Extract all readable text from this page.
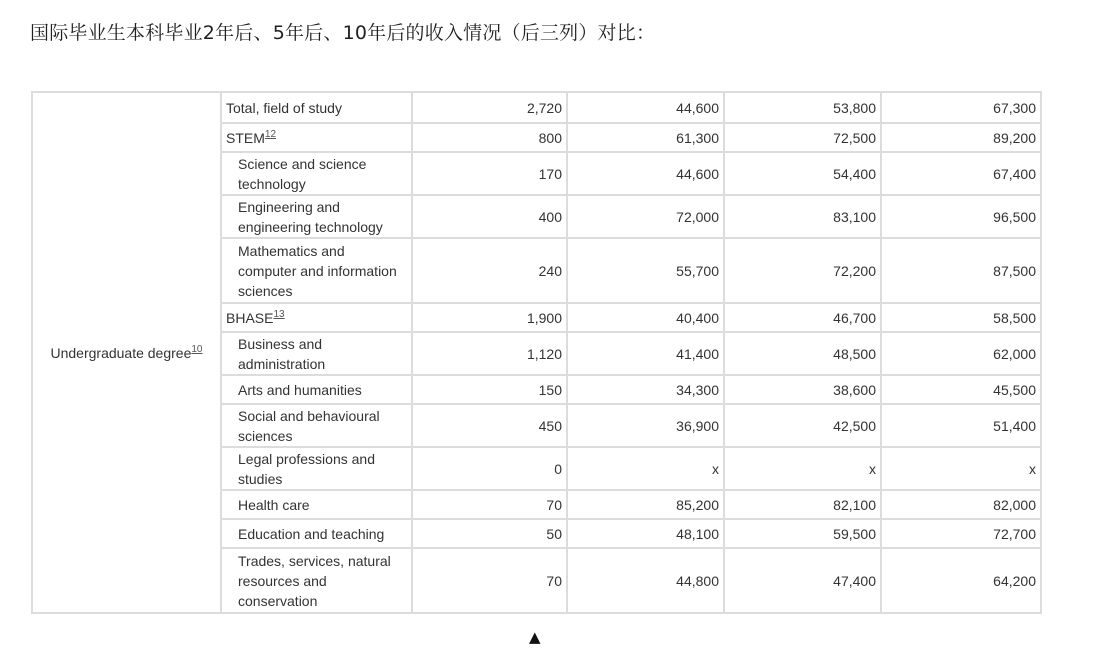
国际毕业生本科毕业2年后、5年后、10年后的收入情况（后三列）对比：
Undergraduate degree$^{10}$	Total, field of study	2,720	44,600	53,800	67,300
	STEM$^{12}$	800	61,300	72,500	89,200
	Science and science technology	170	44,600	54,400	67,400
	Engineering and engineering technology	400	72,000	83,100	96,500
	Mathematics and computer and information sciences	240	55,700	72,200	87,500
	BHASE$^{13}$	1,900	40,400	46,700	58,500
	Business and administration	1,120	41,400	48,500	62,000
	Arts and humanities	150	34,300	38,600	45,500
	Social and behavioural sciences	450	36,900	42,500	51,400
	Legal professions and studies	0	x	x	x
	Health care	70	85,200	82,100	82,000
	Education and teaching	50	48,100	59,500	72,700
	Trades, services, natural resources and conservation	70	44,800	47,400	64,200
▲
